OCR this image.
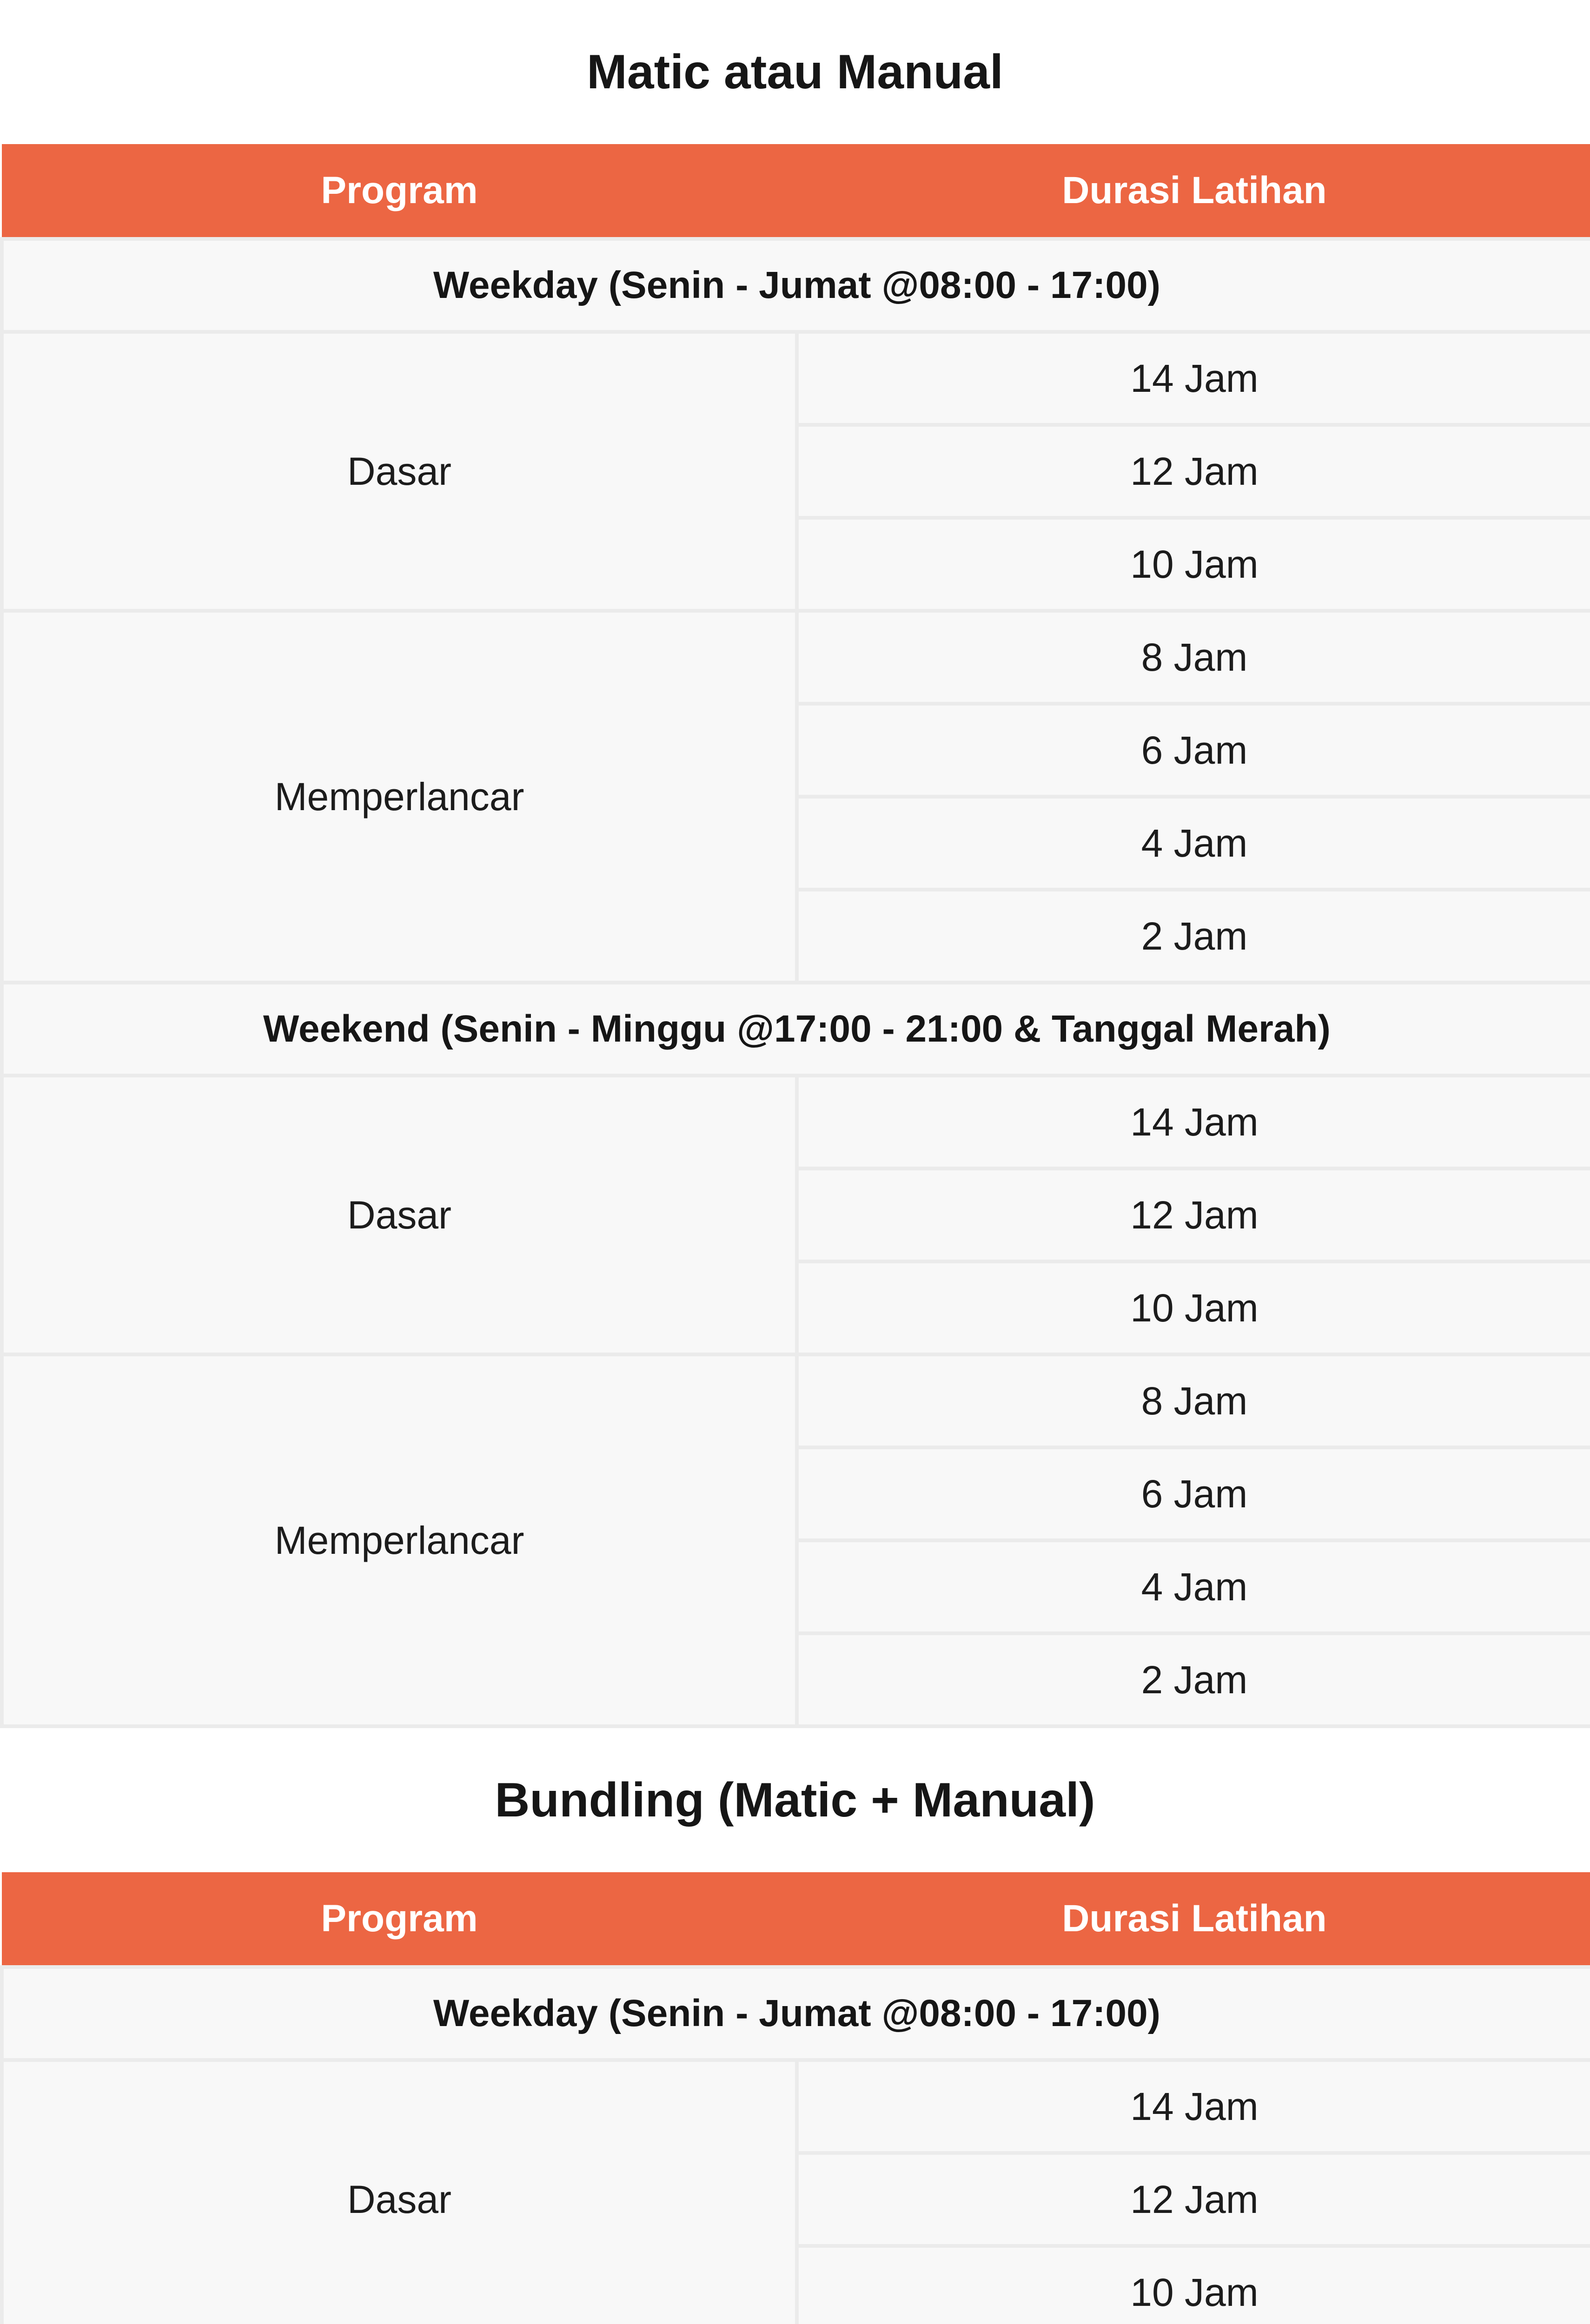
Matic atau Manual
Program	Durasi Latihan
Weekday (Senin - Jumat @08:00 - 17:00)	
Dasar	14 Jam
	12 Jam
	10 Jam
Memperlancar	8 Jam
	6 Jam
	4 Jam
	2 Jam
Weekend (Senin - Minggu @17:00 - 21:00 & Tanggal Merah)	
Dasar	14 Jam
	12 Jam
	10 Jam
Memperlancar	8 Jam
	6 Jam
	4 Jam
	2 Jam
Bundling (Matic + Manual)
Program	Durasi Latihan
Weekday (Senin - Jumat @08:00 - 17:00)	
Dasar	14 Jam
	12 Jam
	10 Jam
